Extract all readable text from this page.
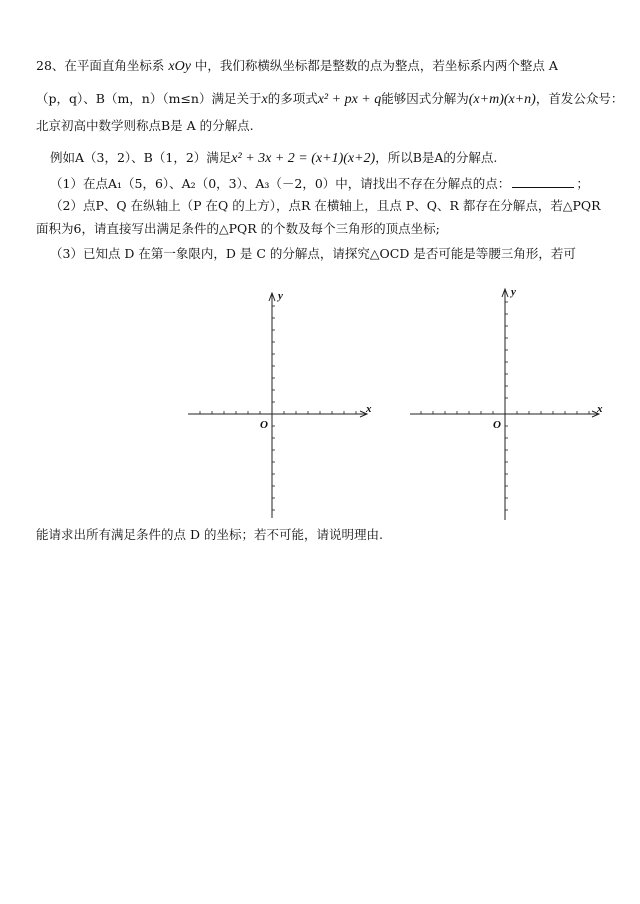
28、在平面直角坐标系 xOy 中，我们称横纵坐标都是整数的点为整点，若坐标系内两个整点 A
（p，q）、B（m，n）（m≤n）满足关于x的多项式x² + px + q能够因式分解为(x+m)(x+n)，首发公众号：
北京初高中数学则称点B是 A 的分解点.
例如A（3，2）、B（1，2）满足x² + 3x + 2 = (x+1)(x+2)，所以B是A的分解点.
（1）在点A₁（5，6）、A₂（0，3）、A₃（－2，0）中，请找出不存在分解点的点：	；
（2）点P、Q 在纵轴上（P 在Q 的上方），点R 在横轴上，且点 P、Q、R 都存在分解点，若△PQR
面积为6，请直接写出满足条件的△PQR 的个数及每个三角形的顶点坐标;
（3）已知点 D 在第一象限内，D 是 C 的分解点，请探究△OCD 是否可能是等腰三角形，若可
y
x
O
y
x
O
能请求出所有满足条件的点 D 的坐标；若不可能，请说明理由.
